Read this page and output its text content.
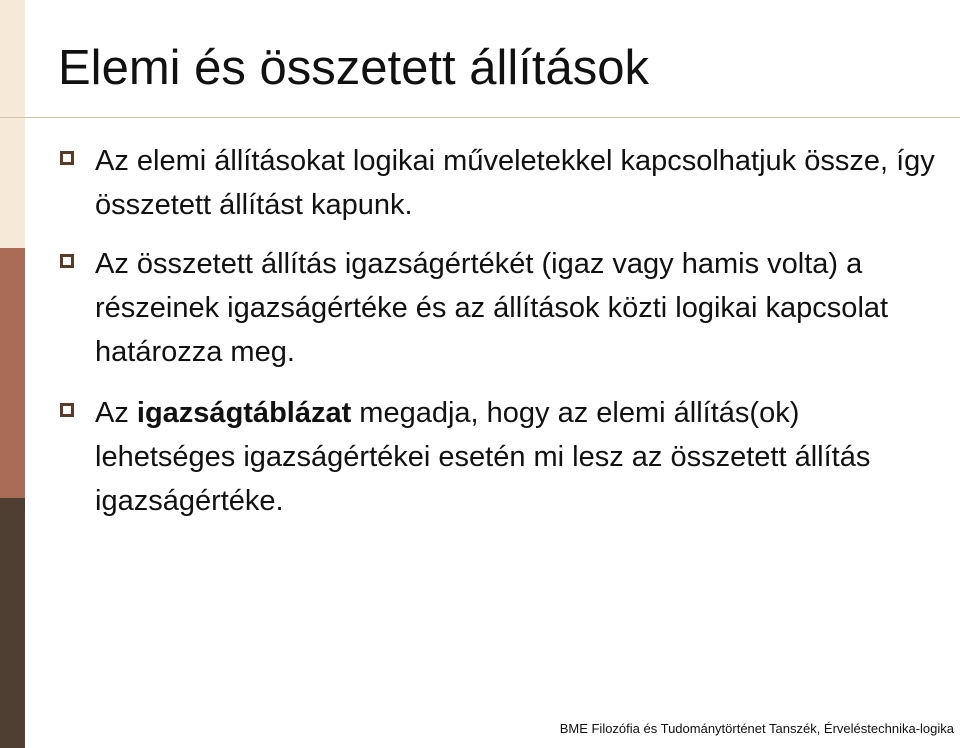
Elemi és összetett állítások

Az elemi állításokat logikai műveletekkel kapcsolhatjuk össze, így összetett állítást kapunk.

Az összetett állítás igazságértékét (igaz vagy hamis volta) a részeinek igazságértéke és az állítások közti logikai kapcsolat határozza meg.

Az igazságtáblázat megadja, hogy az elemi állítás(ok) lehetséges igazságértékei esetén mi lesz az összetett állítás igazságértéke.

BME Filozófia és Tudománytörténet Tanszék, Érveléstechnika-logika
